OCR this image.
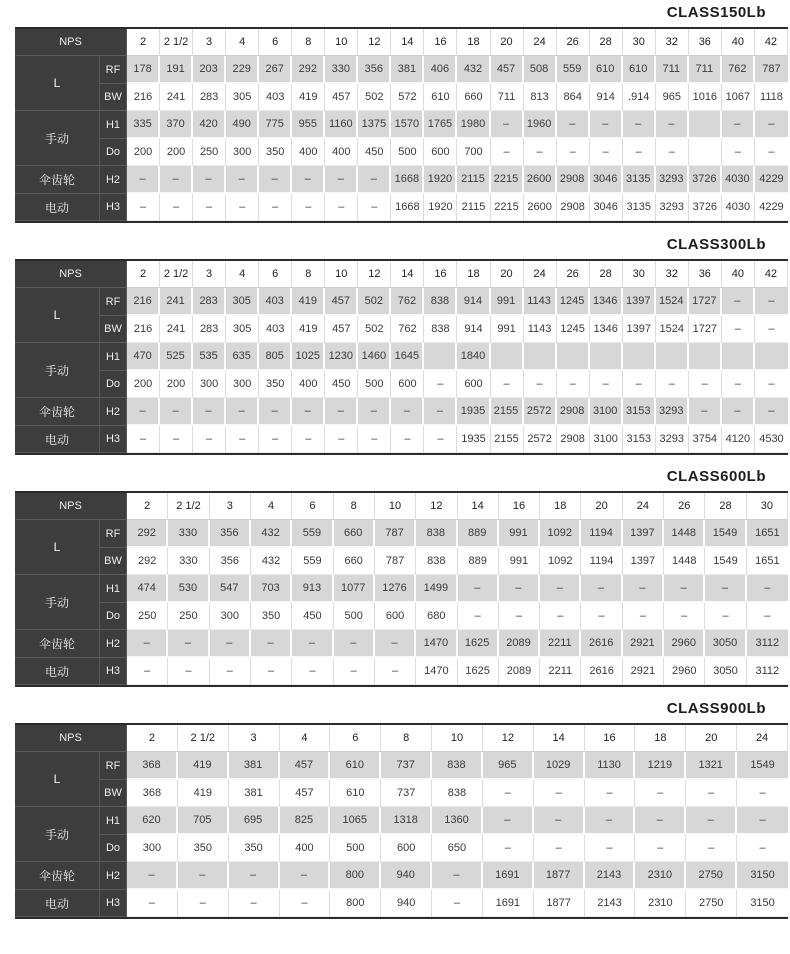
CLASS150Lb
NPS		2	2 1/2	3	4	6	8	10	12	14	16	18	20	24	26	28	30	32	36	40	42
L	RF	178	191	203	229	267	292	330	356	381	406	432	457	508	559	610	610	711	711	762	787
	BW	216	241	283	305	403	419	457	502	572	610	660	711	813	864	914	.914	965	1016	1067	1118
手动	H1	335	370	420	490	775	955	1160	1375	1570	1765	1980	–	1960	–	–	–	–		–	–
	Do	200	200	250	300	350	400	400	450	500	600	700	–	–	–	–	–	–		–	–
伞齿轮	H2	–	–	–	–	–	–	–	–	1668	1920	2115	2215	2600	2908	3046	3135	3293	3726	4030	4229
电动	H3	–	–	–	–	–	–	–	–	1668	1920	2115	2215	2600	2908	3046	3135	3293	3726	4030	4229
CLASS300Lb
NPS		2	2 1/2	3	4	6	8	10	12	14	16	18	20	24	26	28	30	32	36	40	42
L	RF	216	241	283	305	403	419	457	502	762	838	914	991	1143	1245	1346	1397	1524	1727	–	–
	BW	216	241	283	305	403	419	457	502	762	838	914	991	1143	1245	1346	1397	1524	1727	–	–
手动	H1	470	525	535	635	805	1025	1230	1460	1645		1840									
	Do	200	200	300	300	350	400	450	500	600	–	600	–	–	–	–	–	–	–	–	–
伞齿轮	H2	–	–	–	–	–	–	–	–	–	–	1935	2155	2572	2908	3100	3153	3293	–	–	–
电动	H3	–	–	–	–	–	–	–	–	–	–	1935	2155	2572	2908	3100	3153	3293	3754	4120	4530
CLASS600Lb
NPS		2	2 1/2	3	4	6	8	10	12	14	16	18	20	24	26	28	30
L	RF	292	330	356	432	559	660	787	838	889	991	1092	1194	1397	1448	1549	1651
	BW	292	330	356	432	559	660	787	838	889	991	1092	1194	1397	1448	1549	1651
手动	H1	474	530	547	703	913	1077	1276	1499	–	–	–	–	–	–	–	–
	Do	250	250	300	350	450	500	600	680	–	–	–	–	–	–	–	–
伞齿轮	H2	–	–	–	–	–	–	–	1470	1625	2089	2211	2616	2921	2960	3050	3112
电动	H3	–	–	–	–	–	–	–	1470	1625	2089	2211	2616	2921	2960	3050	3112
CLASS900Lb
NPS		2	2 1/2	3	4	6	8	10	12	14	16	18	20	24
L	RF	368	419	381	457	610	737	838	965	1029	1130	1219	1321	1549
	BW	368	419	381	457	610	737	838	–	–	–	–	–	–
手动	H1	620	705	695	825	1065	1318	1360	–	–	–	–	–	–
	Do	300	350	350	400	500	600	650	–	–	–	–	–	–
伞齿轮	H2	–	–	–	–	800	940	–	1691	1877	2143	2310	2750	3150
电动	H3	–	–	–	–	800	940	–	1691	1877	2143	2310	2750	3150
